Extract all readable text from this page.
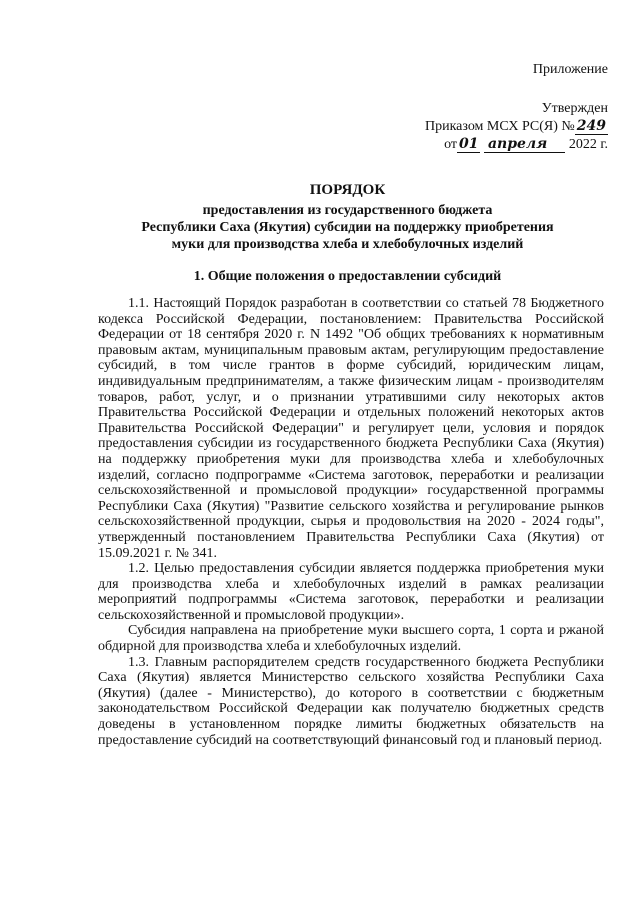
Приложение
Утвержден
Приказом МСХ РС(Я) № 249
от 01 апреля 2022 г.
ПОРЯДОК
предоставления из государственного бюджета
Республики Саха (Якутия) субсидии на поддержку приобретения
муки для производства хлеба и хлебобулочных изделий
1. Общие положения о предоставлении субсидий

1.1. Настоящий Порядок разработан в соответствии со статьей 78 Бюджетного кодекса Российской Федерации, постановлением: Правительства Российской Федерации от 18 сентября 2020 г. N 1492 "Об общих требованиях к нормативным правовым актам, муниципальным правовым актам, регулирующим предоставление субсидий, в том числе грантов в форме субсидий, юридическим лицам, индивидуальным предпринимателям, а также физическим лицам - производителям товаров, работ, услуг, и о признании утратившими силу некоторых актов Правительства Российской Федерации и отдельных положений некоторых актов Правительства Российской Федерации" и регулирует цели, условия и порядок предоставления субсидии из государственного бюджета Республики Саха (Якутия) на поддержку приобретения муки для производства хлеба и хлебобулочных изделий, согласно подпрограмме «Система заготовок, переработки и реализации сельскохозяйственной и промысловой продукции» государственной программы Республики Саха (Якутия) "Развитие сельского хозяйства и регулирование рынков сельскохозяйственной продукции, сырья и продовольствия на 2020 - 2024 годы", утвержденный постановлением Правительства Республики Саха (Якутия) от 15.09.2021 г. № 341.

1.2. Целью предоставления субсидии является поддержка приобретения муки для производства хлеба и хлебобулочных изделий в рамках реализации мероприятий подпрограммы «Система заготовок, переработки и реализации сельскохозяйственной и промысловой продукции».

Субсидия направлена на приобретение муки высшего сорта, 1 сорта и ржаной обдирной для производства хлеба и хлебобулочных изделий.

1.3. Главным распорядителем средств государственного бюджета Республики Саха (Якутия) является Министерство сельского хозяйства Республики Саха (Якутия) (далее - Министерство), до которого в соответствии с бюджетным законодательством Российской Федерации как получателю бюджетных средств доведены в установленном порядке лимиты бюджетных обязательств на предоставление субсидий на соответствующий финансовый год и плановый период.
